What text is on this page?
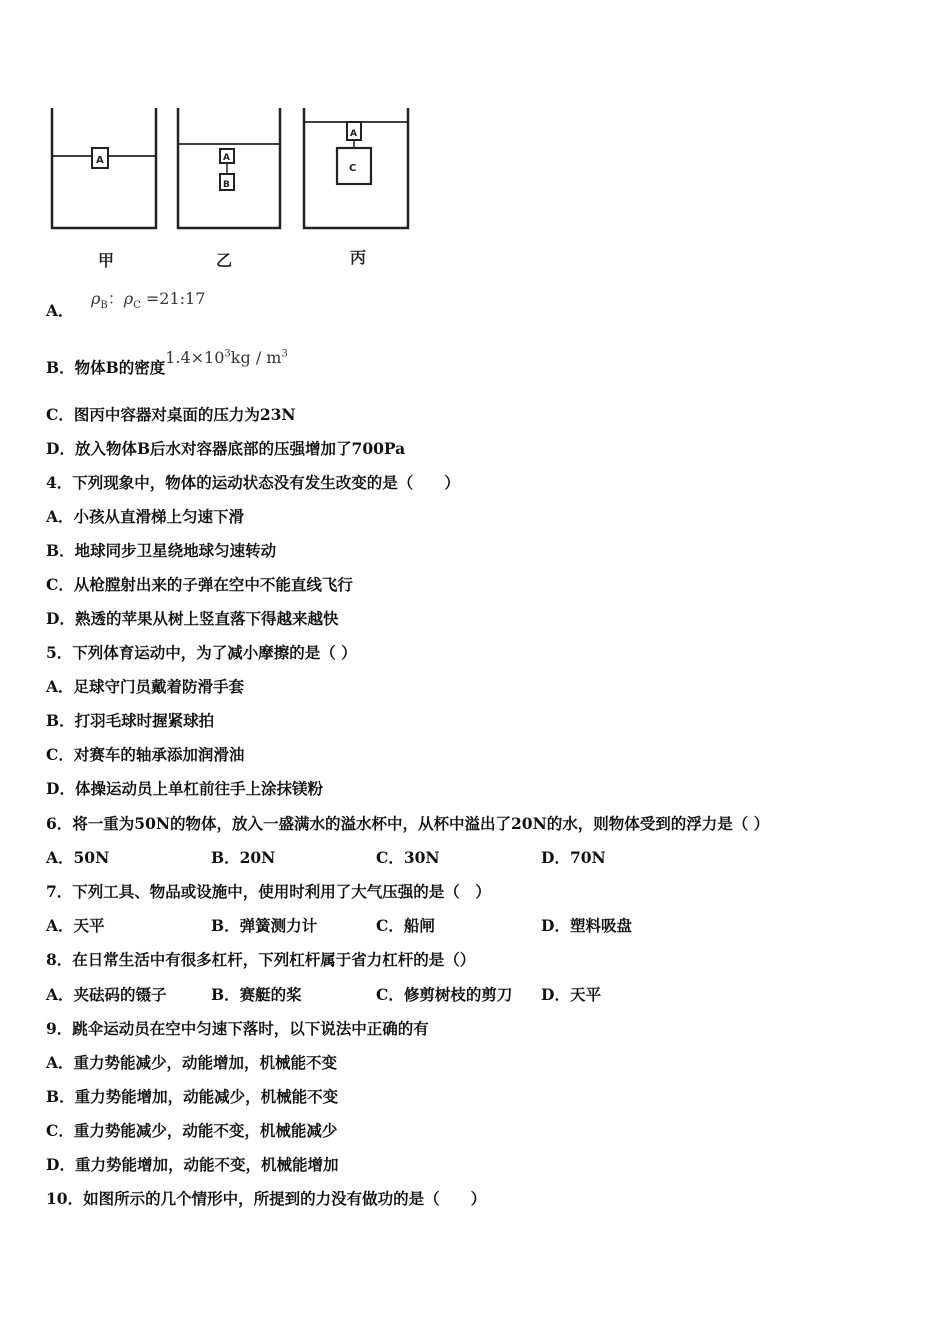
A	A
B
A
C
甲	乙	丙
A． $\rho_B$：$\rho_C$ =21:17
B．物体B的密度$1.4\times 10^3kg / m^3$
C．图丙中容器对桌面的压力为23N
D．放入物体B后水对容器底部的压强增加了700Pa
4．下列现象中，物体的运动状态没有发生改变的是（　　）
A．小孩从直滑梯上匀速下滑
B．地球同步卫星绕地球匀速转动
C．从枪膛射出来的子弹在空中不能直线飞行
D．熟透的苹果从树上竖直落下得越来越快
5．下列体育运动中，为了减小摩擦的是（ ）
A．足球守门员戴着防滑手套
B．打羽毛球时握紧球拍
C．对赛车的轴承添加润滑油
D．体操运动员上单杠前往手上涂抹镁粉
6．将一重为50N的物体，放入一盛满水的溢水杯中，从杯中溢出了20N的水，则物体受到的浮力是（ ）
A．50N	B．20N	C．30N	D．70N
7．下列工具、物品或设施中，使用时利用了大气压强的是（　）
A．天平	B．弹簧测力计	C．船闸	D．塑料吸盘
8．在日常生活中有很多杠杆，下列杠杆属于省力杠杆的是（）
A．夹砝码的镊子	B．赛艇的桨	C．修剪树枝的剪刀 D．天平
9．跳伞运动员在空中匀速下落时，以下说法中正确的有
A．重力势能减少，动能增加，机械能不变
B．重力势能增加，动能减少，机械能不变
C．重力势能减少，动能不变，机械能减少
D．重力势能增加，动能不变，机械能增加
10．如图所示的几个情形中，所提到的力没有做功的是（　　）
